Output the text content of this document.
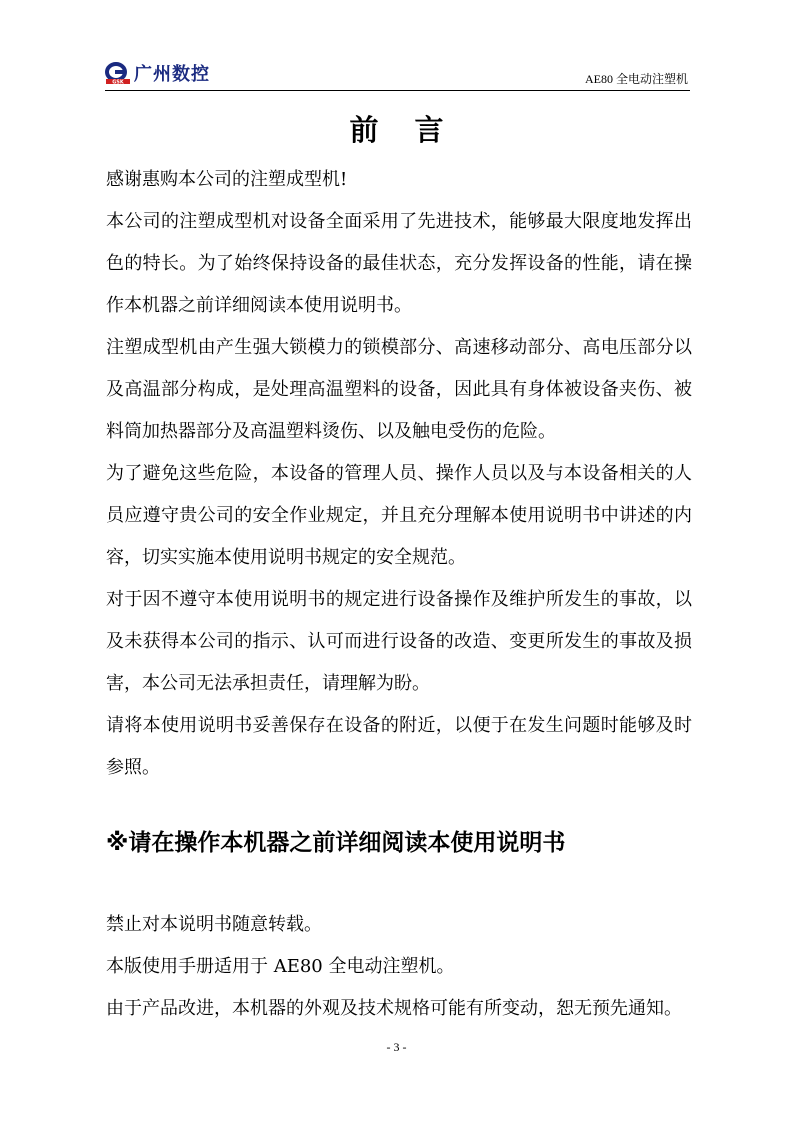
GSK 广州数控	AE80 全电动注塑机
前 言

感谢惠购本公司的注塑成型机!

本公司的注塑成型机对设备全面采用了先进技术，能够最大限度地发挥出色的特长。为了始终保持设备的最佳状态，充分发挥设备的性能，请在操作本机器之前详细阅读本使用说明书。

注塑成型机由产生强大锁模力的锁模部分、高速移动部分、高电压部分以及高温部分构成，是处理高温塑料的设备，因此具有身体被设备夹伤、被料筒加热器部分及高温塑料烫伤、以及触电受伤的危险。

为了避免这些危险，本设备的管理人员、操作人员以及与本设备相关的人员应遵守贵公司的安全作业规定，并且充分理解本使用说明书中讲述的内容，切实实施本使用说明书规定的安全规范。

对于因不遵守本使用说明书的规定进行设备操作及维护所发生的事故，以及未获得本公司的指示、认可而进行设备的改造、变更所发生的事故及损害，本公司无法承担责任，请理解为盼。

请将本使用说明书妥善保存在设备的附近，以便于在发生问题时能够及时参照。

※请在操作本机器之前详细阅读本使用说明书

禁止对本说明书随意转载。

本版使用手册适用于 AE80 全电动注塑机。

由于产品改进，本机器的外观及技术规格可能有所变动，恕无预先通知。

- 3 -
